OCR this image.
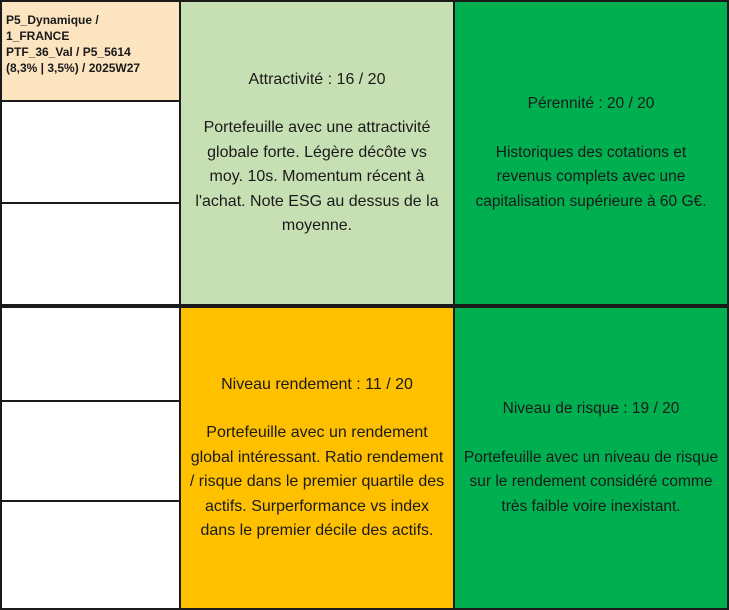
P5_Dynamique /
1_FRANCE
PTF_36_Val / P5_5614
(8,3% | 3,5%) / 2025W27

Attractivité : 16 / 20

Portefeuille avec une attractivité globale forte. Légère décôte vs moy. 10s. Momentum récent à l'achat. Note ESG au dessus de la moyenne.

Pérennité : 20 / 20

Historiques des cotations et revenus complets avec une capitalisation supérieure à 60 G€.

Niveau rendement : 11 / 20

Portefeuille avec un rendement global intéressant. Ratio rendement / risque dans le premier quartile des actifs. Surperformance vs index dans le premier décile des actifs.

Niveau de risque : 19 / 20

Portefeuille avec un niveau de risque sur le rendement considéré comme très faible voire inexistant.
